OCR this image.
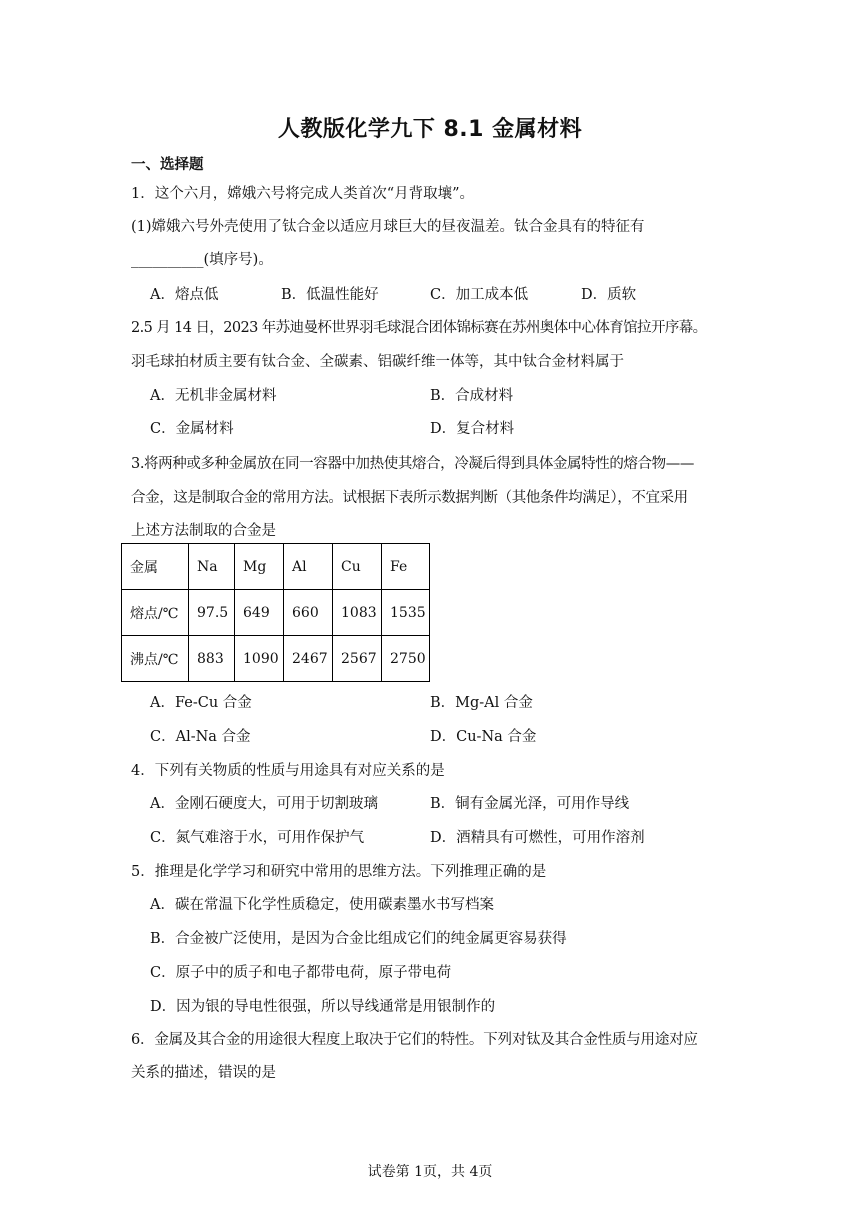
人教版化学九下 8.1 金属材料
一、选择题
1．这个六月，嫦娥六号将完成人类首次“月背取壤”。
(1)嫦娥六号外壳使用了钛合金以适应月球巨大的昼夜温差。钛合金具有的特征有
__________(填序号)。
A．熔点低	B．低温性能好	C．加工成本低	D．质软
2.5 月 14 日，2023 年苏迪曼杯世界羽毛球混合团体锦标赛在苏州奥体中心体育馆拉开序幕。
羽毛球拍材质主要有钛合金、全碳素、铝碳纤维一体等，其中钛合金材料属于
A．无机非金属材料	B．合成材料
C．金属材料	D．复合材料
3.将两种或多种金属放在同一容器中加热使其熔合，冷凝后得到具体金属特性的熔合物——
合金，这是制取合金的常用方法。试根据下表所示数据判断（其他条件均满足），不宜采用
上述方法制取的合金是
金属	Na	Mg	Al	Cu	Fe
熔点/℃	97.5	649	660	1083	1535
沸点/℃	883	1090	2467	2567	2750
A．Fe-Cu 合金	B．Mg-Al 合金
C．Al-Na 合金	D．Cu-Na 合金
4．下列有关物质的性质与用途具有对应关系的是
A．金刚石硬度大，可用于切割玻璃	B．铜有金属光泽，可用作导线
C．氮气难溶于水，可用作保护气	D．酒精具有可燃性，可用作溶剂
5．推理是化学学习和研究中常用的思维方法。下列推理正确的是
A．碳在常温下化学性质稳定，使用碳素墨水书写档案
B．合金被广泛使用，是因为合金比组成它们的纯金属更容易获得
C．原子中的质子和电子都带电荷，原子带电荷
D．因为银的导电性很强，所以导线通常是用银制作的
6．金属及其合金的用途很大程度上取决于它们的特性。下列对钛及其合金性质与用途对应
关系的描述，错误的是
试卷第 1页，共 4页
